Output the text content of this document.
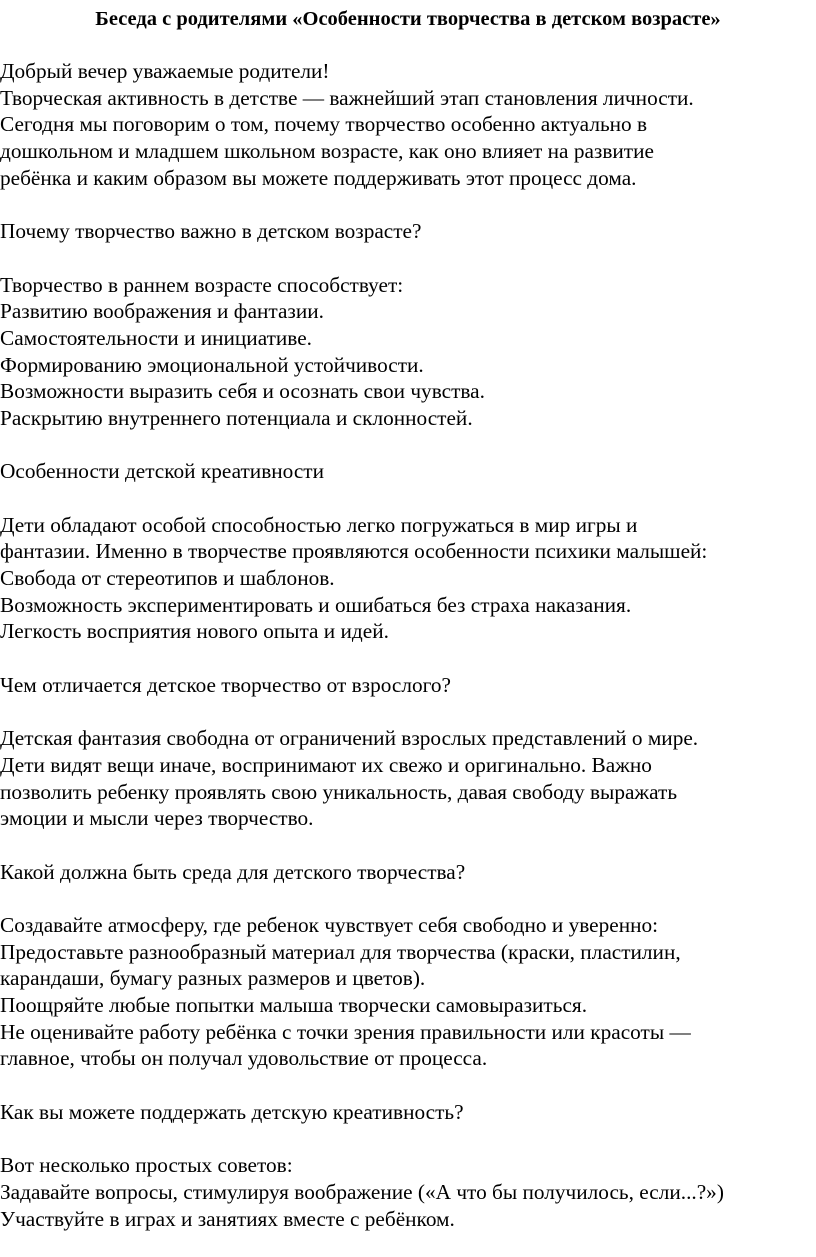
Беседа с родителями «Особенности творчества в детском возрасте»
Добрый вечер уважаемые родители!
Творческая активность в детстве — важнейший этап становления личности.
Сегодня мы поговорим о том, почему творчество особенно актуально в
дошкольном и младшем школьном возрасте, как оно влияет на развитие
ребёнка и каким образом вы можете поддерживать этот процесс дома.
Почему творчество важно в детском возрасте?
Творчество в раннем возрасте способствует:
Развитию воображения и фантазии.
Самостоятельности и инициативе.
Формированию эмоциональной устойчивости.
Возможности выразить себя и осознать свои чувства.
Раскрытию внутреннего потенциала и склонностей.
Особенности детской креативности
Дети обладают особой способностью легко погружаться в мир игры и
фантазии. Именно в творчестве проявляются особенности психики малышей:
Свобода от стереотипов и шаблонов.
Возможность экспериментировать и ошибаться без страха наказания.
Легкость восприятия нового опыта и идей.
Чем отличается детское творчество от взрослого?
Детская фантазия свободна от ограничений взрослых представлений о мире.
Дети видят вещи иначе, воспринимают их свежо и оригинально. Важно
позволить ребенку проявлять свою уникальность, давая свободу выражать
эмоции и мысли через творчество.
Какой должна быть среда для детского творчества?
Создавайте атмосферу, где ребенок чувствует себя свободно и уверенно:
Предоставьте разнообразный материал для творчества (краски, пластилин,
карандаши, бумагу разных размеров и цветов).
Поощряйте любые попытки малыша творчески самовыразиться.
Не оценивайте работу ребёнка с точки зрения правильности или красоты —
главное, чтобы он получал удовольствие от процесса.
Как вы можете поддержать детскую креативность?
Вот несколько простых советов:
Задавайте вопросы, стимулируя воображение («А что бы получилось, если...?»)
Участвуйте в играх и занятиях вместе с ребёнком.
